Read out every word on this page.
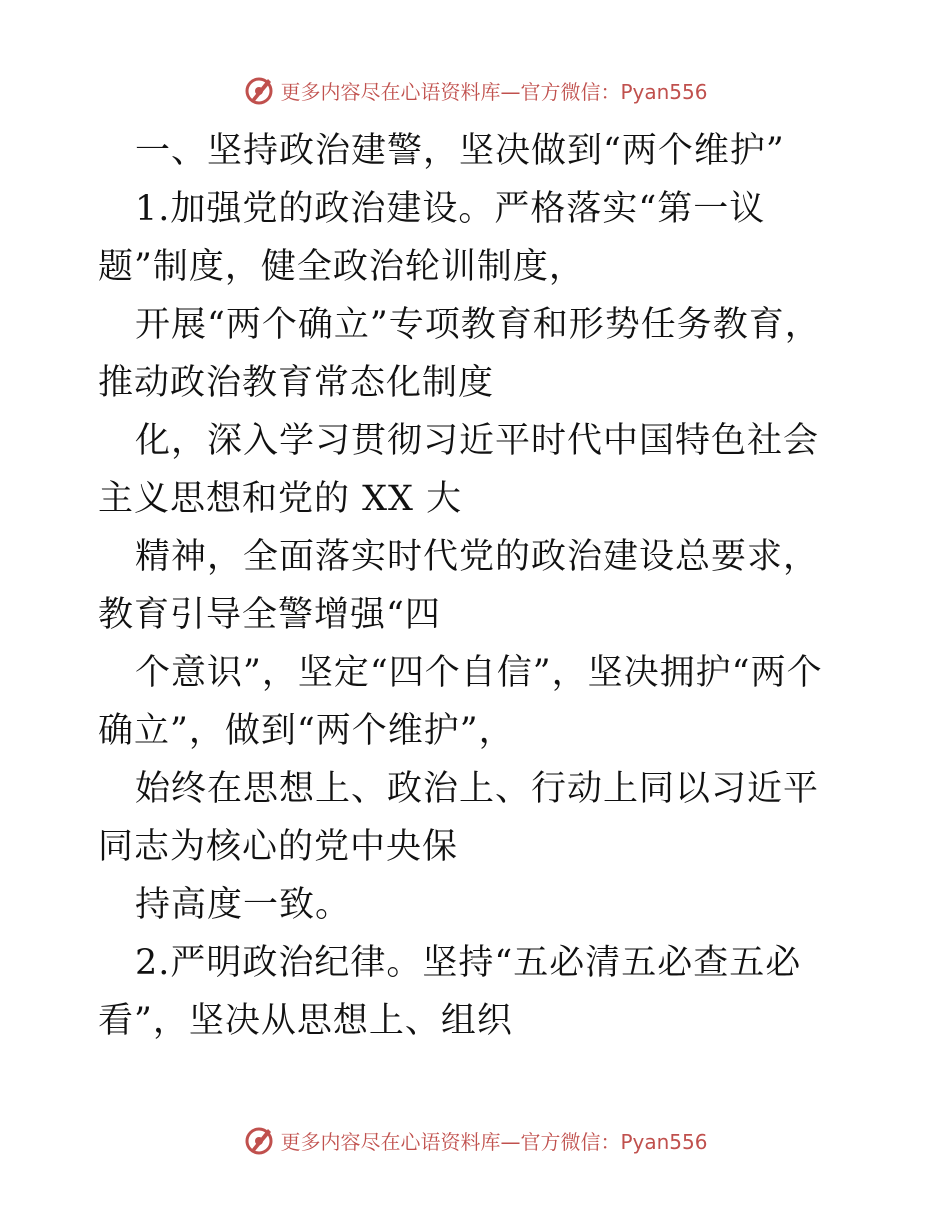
更多内容尽在心语资料库—官方微信：Pyan556

一、坚持政治建警，坚决做到“两个维护”

1.加强党的政治建设。严格落实“第一议题”制度，健全政治轮训制度，

开展“两个确立”专项教育和形势任务教育，推动政治教育常态化制度

化，深入学习贯彻习近平时代中国特色社会主义思想和党的 XX 大

精神，全面落实时代党的政治建设总要求，教育引导全警增强“四

个意识”，坚定“四个自信”，坚决拥护“两个确立”，做到“两个维护”，

始终在思想上、政治上、行动上同以习近平同志为核心的党中央保

持高度一致。

2.严明政治纪律。坚持“五必清五必查五必看”，坚决从思想上、组织

更多内容尽在心语资料库—官方微信：Pyan556
